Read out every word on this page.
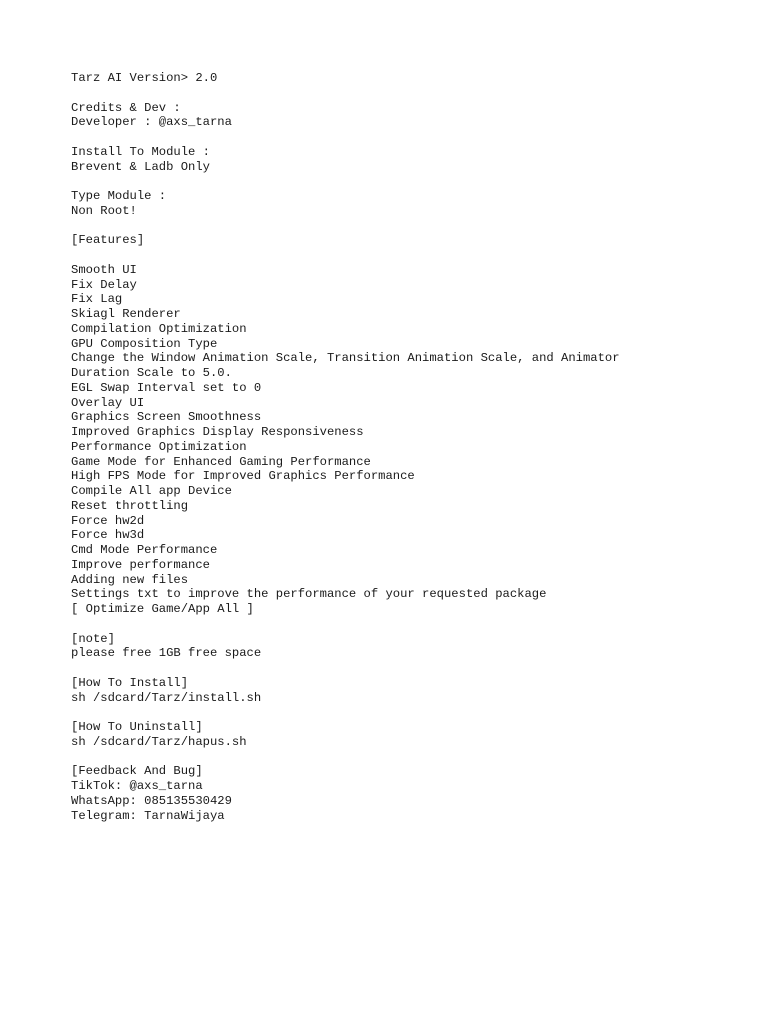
Tarz AI Version> 2.0
Credits & Dev :
Developer : @axs_tarna
Install To Module :
Brevent & Ladb Only
Type Module :
Non Root!
[Features]
Smooth UI
Fix Delay
Fix Lag
Skiagl Renderer
Compilation Optimization
GPU Composition Type
Change the Window Animation Scale, Transition Animation Scale, and Animator
Duration Scale to 5.0.
EGL Swap Interval set to 0
Overlay UI
Graphics Screen Smoothness
Improved Graphics Display Responsiveness
Performance Optimization
Game Mode for Enhanced Gaming Performance
High FPS Mode for Improved Graphics Performance
Compile All app Device
Reset throttling
Force hw2d
Force hw3d
Cmd Mode Performance
Improve performance
Adding new files
Settings txt to improve the performance of your requested package
[ Optimize Game/App All ]
[note]
please free 1GB free space
[How To Install]
sh /sdcard/Tarz/install.sh
[How To Uninstall]
sh /sdcard/Tarz/hapus.sh
[Feedback And Bug]
TikTok: @axs_tarna
WhatsApp: 085135530429
Telegram: TarnaWijaya
